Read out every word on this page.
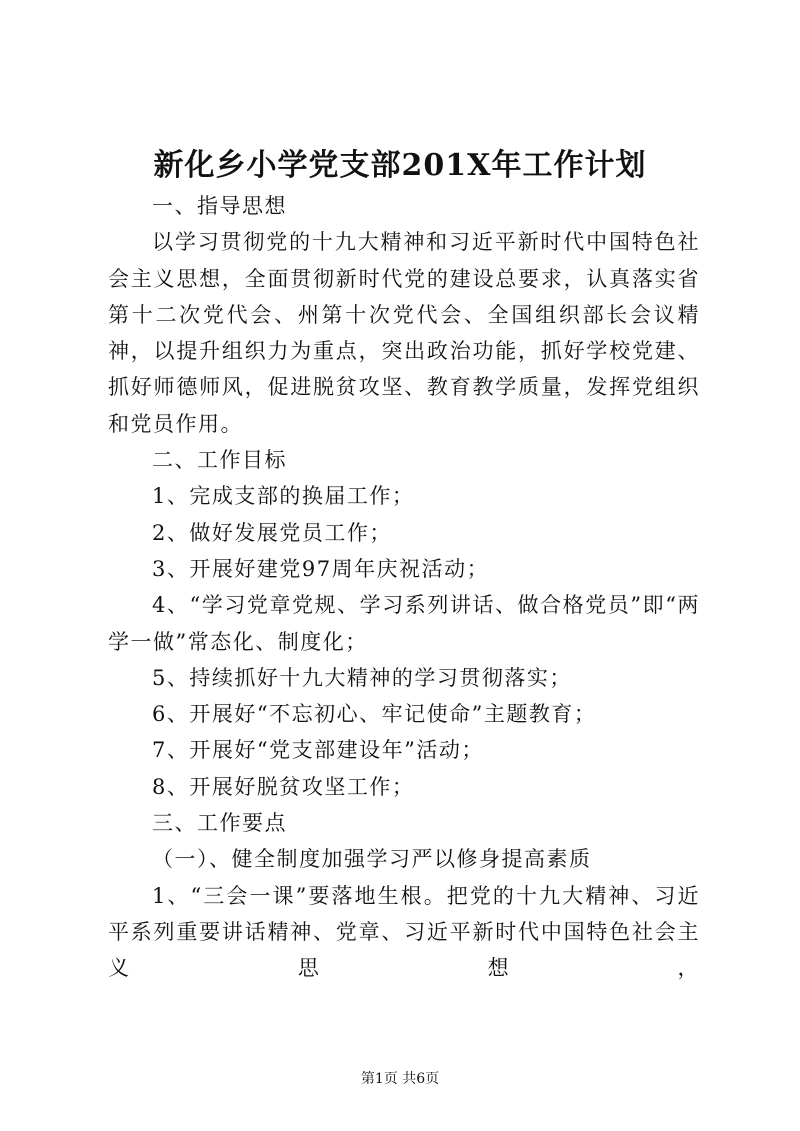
新化乡小学党支部201X年工作计划

一、指导思想

以学习贯彻党的十九大精神和习近平新时代中国特色社会主义思想，全面贯彻新时代党的建设总要求，认真落实省第十二次党代会、州第十次党代会、全国组织部长会议精神，以提升组织力为重点，突出政治功能，抓好学校党建、抓好师德师风，促进脱贫攻坚、教育教学质量，发挥党组织和党员作用。

二、工作目标

1、完成支部的换届工作；

2、做好发展党员工作；

3、开展好建党97周年庆祝活动；

4、“学习党章党规、学习系列讲话、做合格党员”即“两学一做”常态化、制度化；

5、持续抓好十九大精神的学习贯彻落实；

6、开展好“不忘初心、牢记使命”主题教育；

7、开展好“党支部建设年”活动；

8、开展好脱贫攻坚工作；

三、工作要点

（一）、健全制度加强学习严以修身提高素质

1、“三会一课”要落地生根。把党的十九大精神、习近平系列重要讲话精神、党章、习近平新时代中国特色社会主义思想，

第1页 共6页
